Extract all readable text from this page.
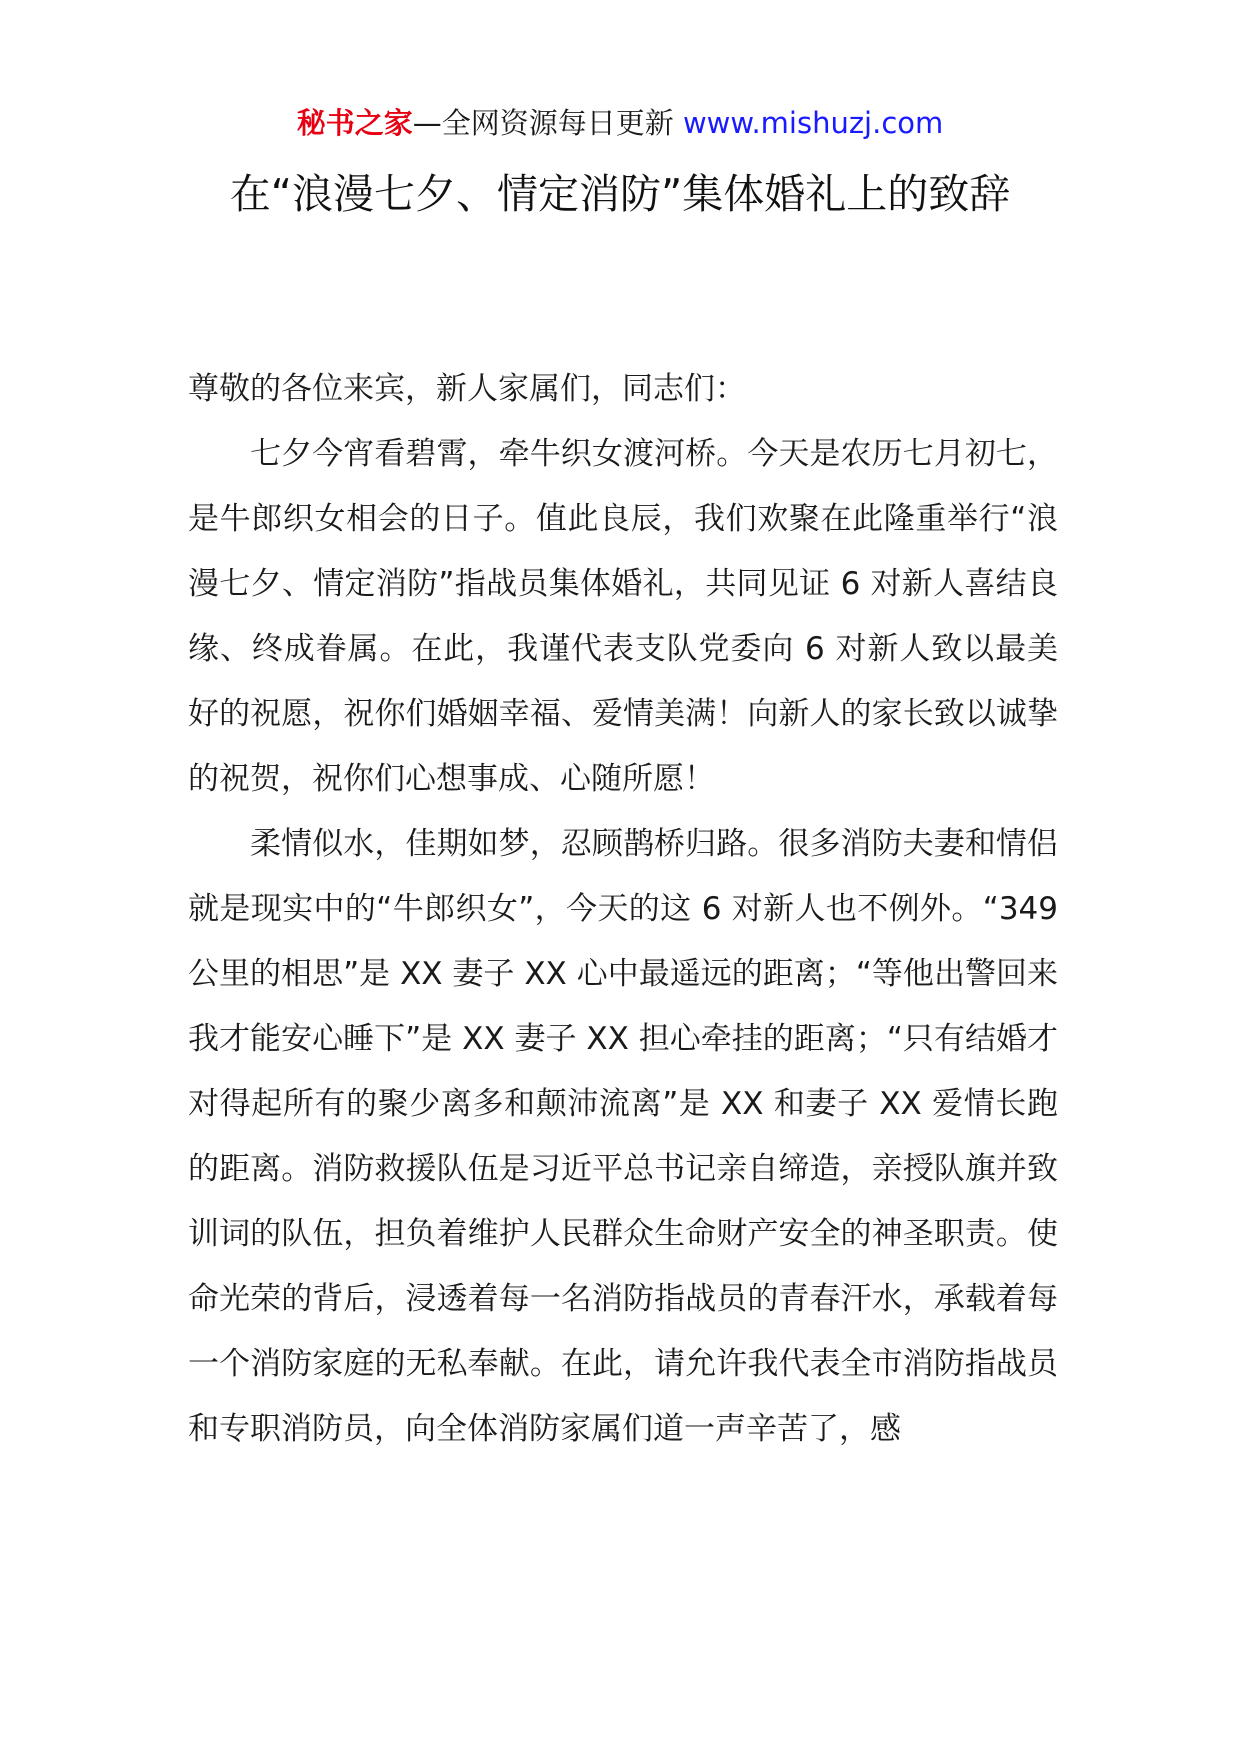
秘书之家—全网资源每日更新 www.mishuzj.com
在“浪漫七夕、情定消防”集体婚礼上的致辞

尊敬的各位来宾，新人家属们，同志们：

七夕今宵看碧霄，牵牛织女渡河桥。今天是农历七月初七，是牛郎织女相会的日子。值此良辰，我们欢聚在此隆重举行“浪漫七夕、情定消防”指战员集体婚礼，共同见证 6 对新人喜结良缘、终成眷属。在此，我谨代表支队党委向 6 对新人致以最美好的祝愿，祝你们婚姻幸福、爱情美满！向新人的家长致以诚挚的祝贺，祝你们心想事成、心随所愿！

柔情似水，佳期如梦，忍顾鹊桥归路。很多消防夫妻和情侣就是现实中的“牛郎织女”，今天的这 6 对新人也不例外。“349 公里的相思”是 XX 妻子 XX 心中最遥远的距离；“等他出警回来我才能安心睡下”是 XX 妻子 XX 担心牵挂的距离；“只有结婚才对得起所有的聚少离多和颠沛流离”是 XX 和妻子 XX 爱情长跑的距离。消防救援队伍是习近平总书记亲自缔造，亲授队旗并致训词的队伍，担负着维护人民群众生命财产安全的神圣职责。使命光荣的背后，浸透着每一名消防指战员的青春汗水，承载着每一个消防家庭的无私奉献。在此，请允许我代表全市消防指战员和专职消防员，向全体消防家属们道一声辛苦了，感
